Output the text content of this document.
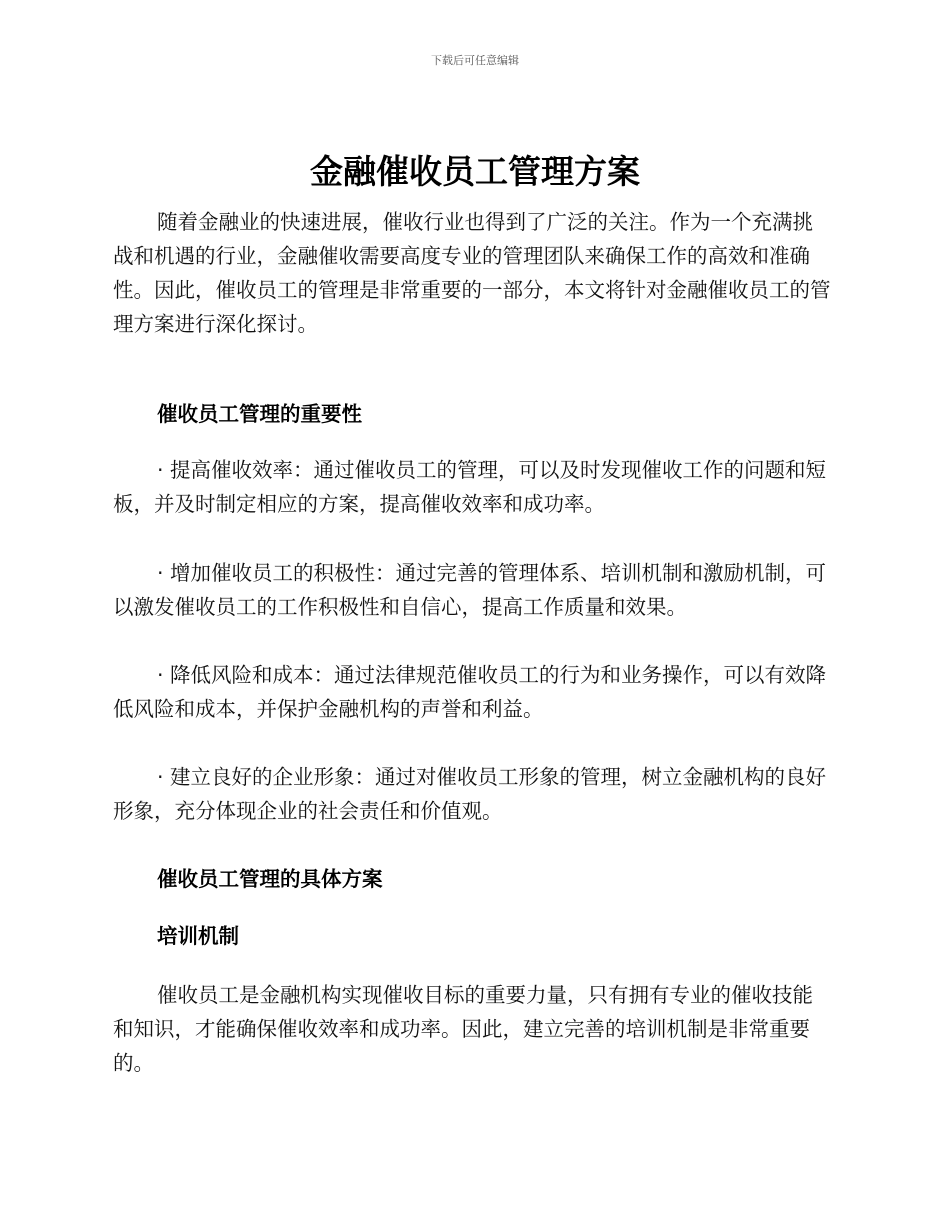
下载后可任意编辑
金融催收员工管理方案

随着金融业的快速进展，催收行业也得到了广泛的关注。作为一个充满挑战和机遇的行业，金融催收需要高度专业的管理团队来确保工作的高效和准确性。因此，催收员工的管理是非常重要的一部分，本文将针对金融催收员工的管理方案进行深化探讨。

催收员工管理的重要性

· 提高催收效率：通过催收员工的管理，可以及时发现催收工作的问题和短板，并及时制定相应的方案，提高催收效率和成功率。

· 增加催收员工的积极性：通过完善的管理体系、培训机制和激励机制，可以激发催收员工的工作积极性和自信心，提高工作质量和效果。

· 降低风险和成本：通过法律规范催收员工的行为和业务操作，可以有效降低风险和成本，并保护金融机构的声誉和利益。

· 建立良好的企业形象：通过对催收员工形象的管理，树立金融机构的良好形象，充分体现企业的社会责任和价值观。

催收员工管理的具体方案

培训机制

催收员工是金融机构实现催收目标的重要力量，只有拥有专业的催收技能和知识，才能确保催收效率和成功率。因此，建立完善的培训机制是非常重要的。
